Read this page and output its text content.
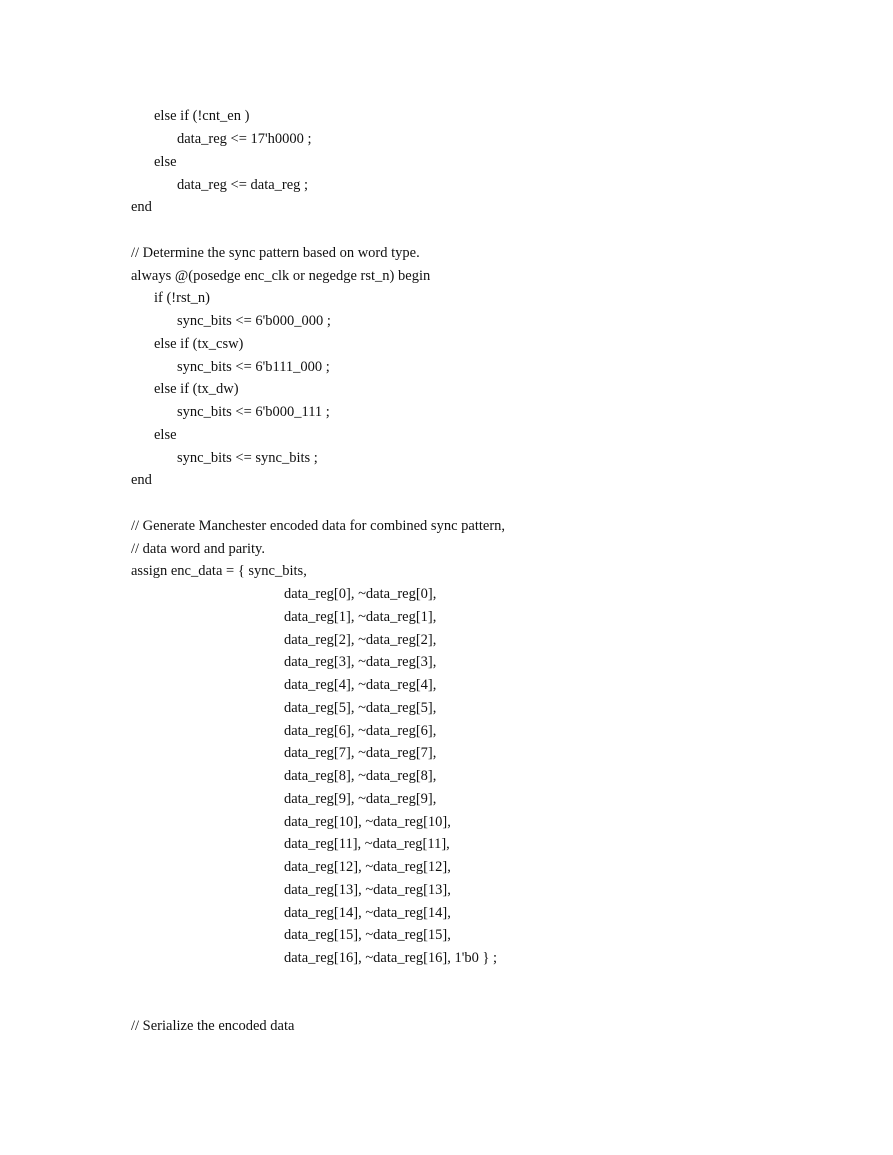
else if (!cnt_en )
data_reg <= 17'h0000 ;
else
data_reg <= data_reg ;
end
// Determine the sync pattern based on word type.
always @(posedge enc_clk or negedge rst_n) begin
if (!rst_n)
sync_bits <= 6'b000_000 ;
else if (tx_csw)
sync_bits <= 6'b111_000 ;
else if (tx_dw)
sync_bits <= 6'b000_111 ;
else
sync_bits <= sync_bits ;
end
// Generate Manchester encoded data for combined sync pattern,
// data word and parity.
assign enc_data = { sync_bits,
data_reg[0], ~data_reg[0],
data_reg[1], ~data_reg[1],
data_reg[2], ~data_reg[2],
data_reg[3], ~data_reg[3],
data_reg[4], ~data_reg[4],
data_reg[5], ~data_reg[5],
data_reg[6], ~data_reg[6],
data_reg[7], ~data_reg[7],
data_reg[8], ~data_reg[8],
data_reg[9], ~data_reg[9],
data_reg[10], ~data_reg[10],
data_reg[11], ~data_reg[11],
data_reg[12], ~data_reg[12],
data_reg[13], ~data_reg[13],
data_reg[14], ~data_reg[14],
data_reg[15], ~data_reg[15],
data_reg[16], ~data_reg[16], 1'b0 } ;
// Serialize the encoded data
